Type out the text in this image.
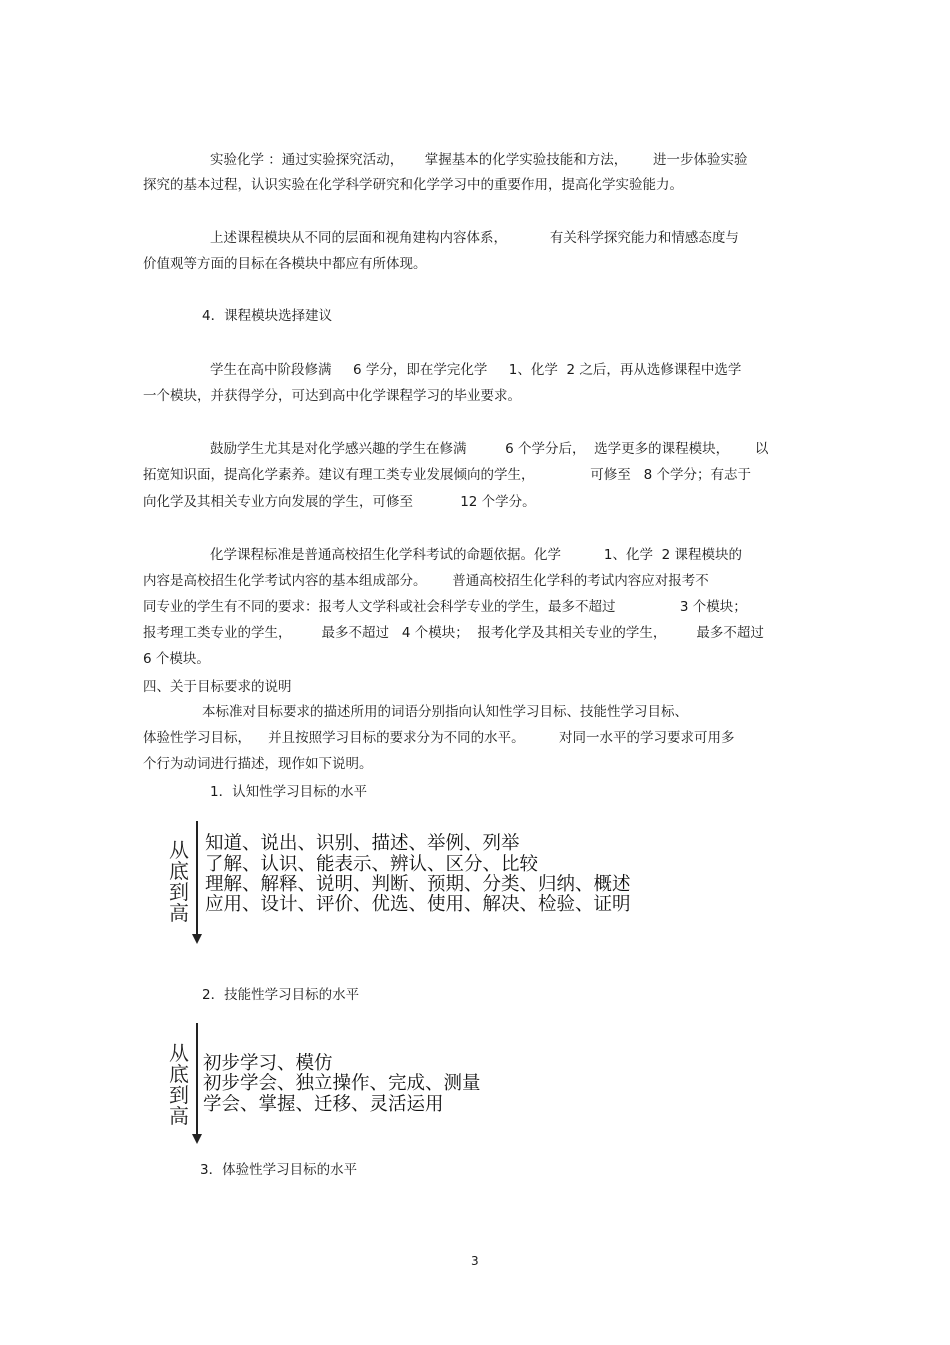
实验化学 ：通过实验探究活动，     掌握基本的化学实验技能和方法，      进一步体验实验
探究的基本过程，认识实验在化学科学研究和化学学习中的重要作用，提高化学实验能力。
上述课程模块从不同的层面和视角建构内容体系，          有关科学探究能力和情感态度与
价值观等方面的目标在各模块中都应有所体现。
4．课程模块选择建议
学生在高中阶段修满     6 学分，即在学完化学     1、化学  2 之后，再从选修课程中选学
一个模块，并获得学分，可达到高中化学课程学习的毕业要求。
鼓励学生尤其是对化学感兴趣的学生在修满         6 个学分后，  选学更多的课程模块，      以
拓宽知识面，提高化学素养。建议有理工类专业发展倾向的学生，             可修至   8 个学分；有志于
向化学及其相关专业方向发展的学生，可修至           12 个学分。
化学课程标准是普通高校招生化学科考试的命题依据。化学          1、化学  2 课程模块的
内容是高校招生化学考试内容的基本组成部分。      普通高校招生化学科的考试内容应对报考不
同专业的学生有不同的要求：报考人文学科或社会科学专业的学生，最多不超过               3 个模块；
报考理工类专业的学生，       最多不超过   4 个模块；  报考化学及其相关专业的学生，       最多不超过
6 个模块。
四、关于目标要求的说明
本标准对目标要求的描述所用的词语分别指向认知性学习目标、技能性学习目标、
体验性学习目标，    并且按照学习目标的要求分为不同的水平。        对同一水平的学习要求可用多
个行为动词进行描述，现作如下说明。
1．认知性学习目标的水平
从
底
到
高
知道、说出、识别、描述、举例、列举
了解、认识、能表示、辨认、区分、比较
理解、解释、说明、判断、预期、分类、归纳、概述
应用、设计、评价、优选、使用、解决、检验、证明
2．技能性学习目标的水平
从
底
到
高
初步学习、模仿
初步学会、独立操作、完成、测量
学会、掌握、迁移、灵活运用
3．体验性学习目标的水平
3
